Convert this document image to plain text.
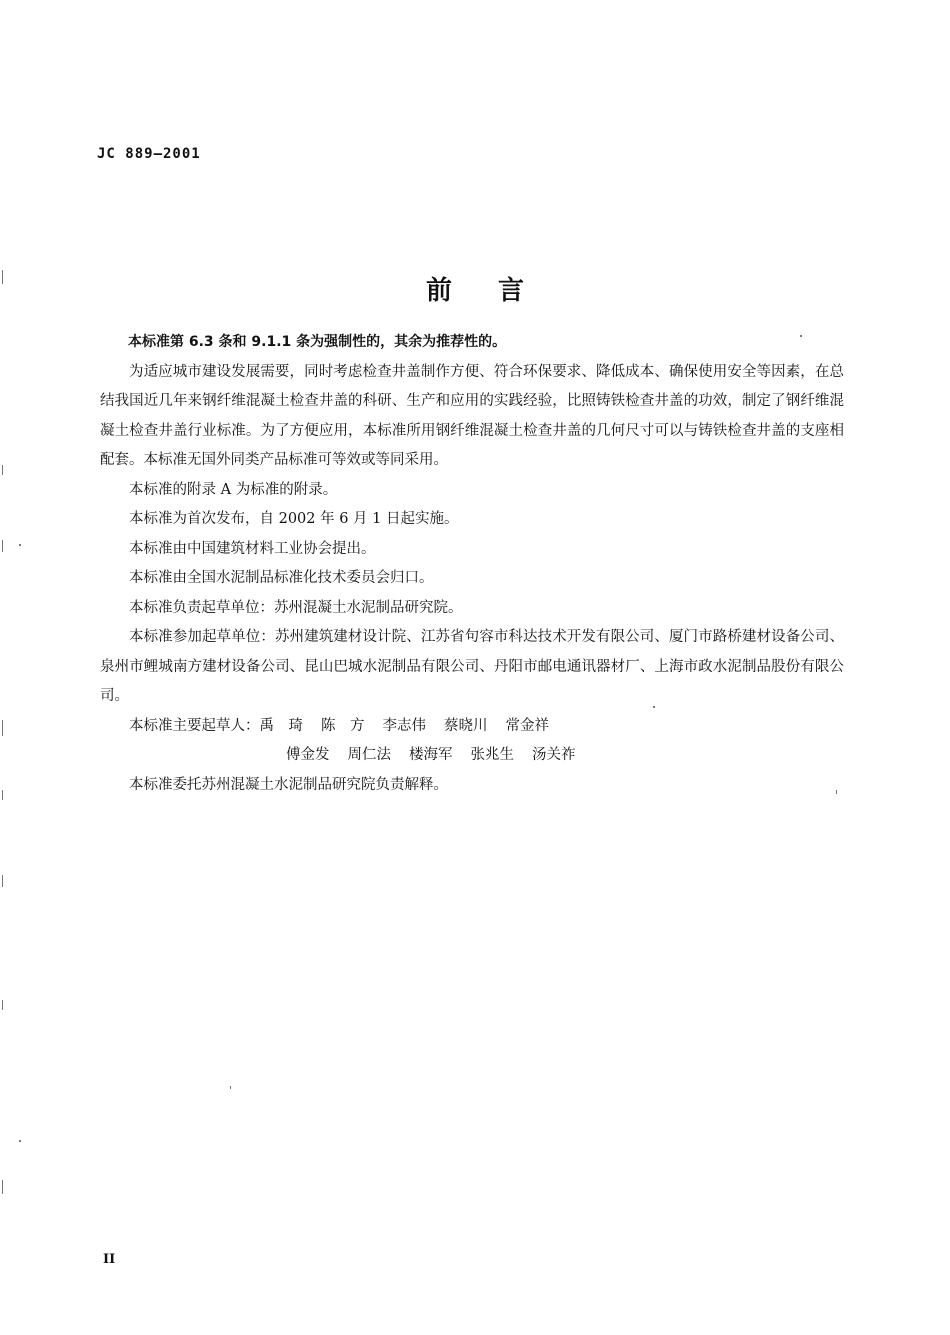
JC 889—2001
前言

本标准第 6.3 条和 9.1.1 条为强制性的，其余为推荐性的。

为适应城市建设发展需要，同时考虑检查井盖制作方便、符合环保要求、降低成本、确保使用安全等因素，在总结我国近几年来钢纤维混凝土检查井盖的科研、生产和应用的实践经验，比照铸铁检查井盖的功效，制定了钢纤维混凝土检查井盖行业标准。为了方便应用，本标准所用钢纤维混凝土检查井盖的几何尺寸可以与铸铁检查井盖的支座相配套。本标准无国外同类产品标准可等效或等同采用。

本标准的附录 A 为标准的附录。

本标准为首次发布，自 2002 年 6 月 1 日起实施。

本标准由中国建筑材料工业协会提出。

本标准由全国水泥制品标准化技术委员会归口。

本标准负责起草单位：苏州混凝土水泥制品研究院。

本标准参加起草单位：苏州建筑建材设计院、江苏省句容市科达技术开发有限公司、厦门市路桥建材设备公司、泉州市鲤城南方建材设备公司、昆山巴城水泥制品有限公司、丹阳市邮电通讯器材厂、上海市政水泥制品股份有限公司。

本标准主要起草人：禹　琦 陈　方 李志伟 蔡晓川 常金祥

傅金发 周仁法 楼海军 张兆生 汤关祚

本标准委托苏州混凝土水泥制品研究院负责解释。

II
